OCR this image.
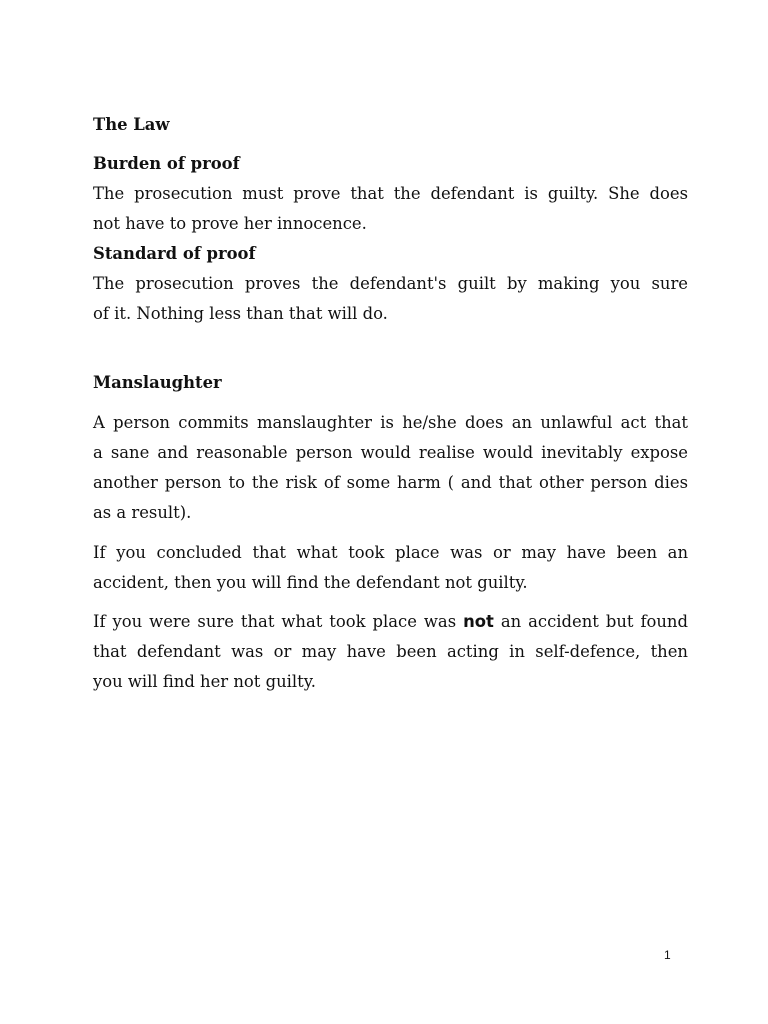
The Law
Burden of proof
The prosecution must prove that the defendant is guilty. She does
not have to prove her innocence.
Standard of proof
The prosecution proves the defendant's guilt by making you sure
of it. Nothing less than that will do.
Manslaughter
A person commits manslaughter is he/she does an unlawful act that
a sane and reasonable person would realise would inevitably expose
another person to the risk of some harm ( and that other person dies
as a result).
If you concluded that what took place was or may have been an
accident, then you will find the defendant not guilty.
If you were sure that what took place was not an accident but found
that defendant was or may have been acting in self-defence, then
you will find her not guilty.
1
